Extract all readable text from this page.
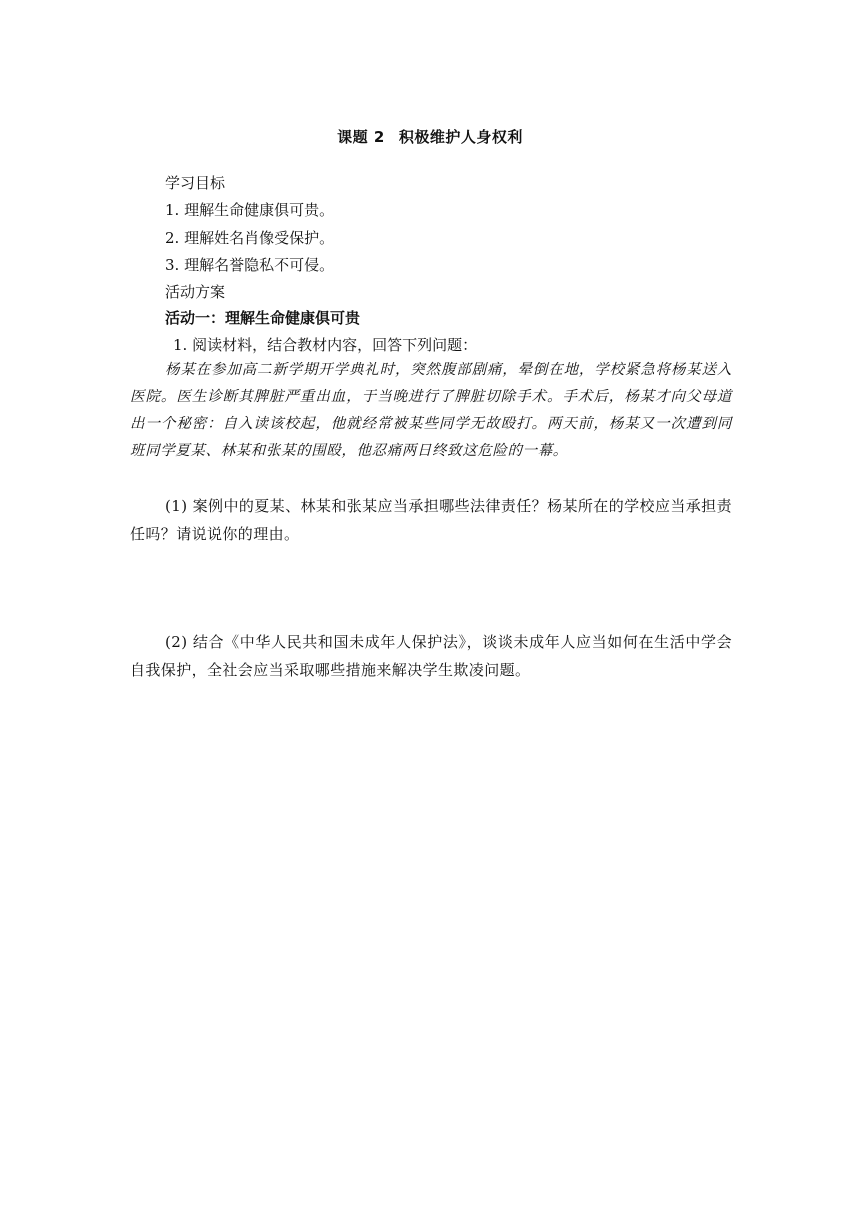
课题 2 积极维护人身权利
学习目标
1. 理解生命健康俱可贵。
2. 理解姓名肖像受保护。
3. 理解名誉隐私不可侵。
活动方案
活动一：理解生命健康俱可贵
1. 阅读材料，结合教材内容，回答下列问题：
杨某在参加高二新学期开学典礼时，突然腹部剧痛，晕倒在地，学校紧急将杨某送入医院。医生诊断其脾脏严重出血，于当晚进行了脾脏切除手术。手术后，杨某才向父母道出一个秘密：自入读该校起，他就经常被某些同学无故殴打。两天前，杨某又一次遭到同班同学夏某、林某和张某的围殴，他忍痛两日终致这危险的一幕。
(1) 案例中的夏某、林某和张某应当承担哪些法律责任？杨某所在的学校应当承担责任吗？请说说你的理由。
(2) 结合《中华人民共和国未成年人保护法》，谈谈未成年人应当如何在生活中学会自我保护，全社会应当采取哪些措施来解决学生欺凌问题。
